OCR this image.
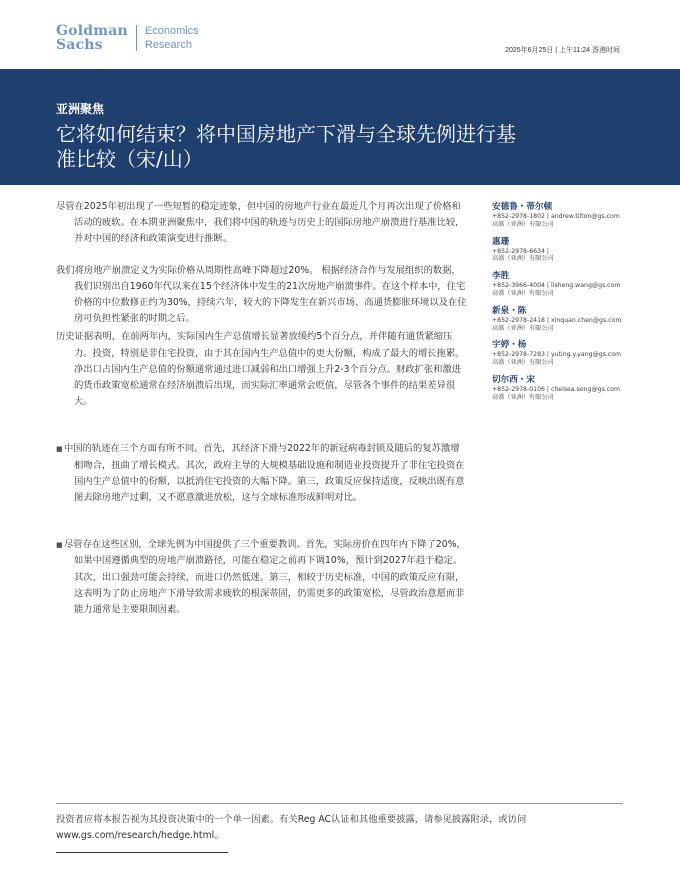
Goldman
Sachs
Economics
Research	2025年6月25日 | 上午11:24 香港时间
亚洲聚焦
它将如何结束？将中国房地产下滑与全球先例进行基准比较（宋/山）

尽管在2025年初出现了一些短暂的稳定迹象，但中国的房地产行业在最近几个月再次出现了价格和活动的疲软。在本期亚洲聚焦中，我们将中国的轨迹与历史上的国际房地产崩溃进行基准比较，并对中国的经济和政策演变进行推断。

我们将房地产崩溃定义为实际价格从周期性高峰下降超过20%。 根据经济合作与发展组织的数据，我们识别出自1960年代以来在15个经济体中发生的21次房地产崩溃事件。在这个样本中，住宅价格的中位数修正约为30%，持续六年，较大的下降发生在新兴市场、高通货膨胀环境以及在住房可负担性紧张的时期之后。

历史证据表明，在前两年内，实际国内生产总值增长显著放缓约5个百分点，并伴随有通货紧缩压力。投资，特别是非住宅投资，由于其在国内生产总值中的更大份额，构成了最大的增长拖累。净出口占国内生产总值的份额通常通过进口减弱和出口增强上升2-3个百分点。财政扩张和激进的货币政策宽松通常在经济崩溃后出现，而实际汇率通常会贬值，尽管各个事件的结果差异很大。

■ 中国的轨迹在三个方面有所不同。首先，其经济下滑与2022年的新冠病毒封锁及随后的复苏激增相吻合，扭曲了增长模式。其次，政府主导的大规模基础设施和制造业投资提升了非住宅投资在国内生产总值中的份额，以抵消住宅投资的大幅下降。第三，政策反应保持适度，反映出既有意图去除房地产过剩，又不愿意激进放松，这与全球标准形成鲜明对比。
■ 尽管存在这些区别，全球先例为中国提供了三个重要教训。首先，实际房价在四年内下降了20%，如果中国遵循典型的房地产崩溃路径，可能在稳定之前再下调10%，预计到2027年趋于稳定。其次，出口强劲可能会持续，而进口仍然低迷。第三，相较于历史标准，中国的政策反应有限，这表明为了防止房地产下滑导致需求疲软的根深蒂固，仍需更多的政策宽松，尽管政治意愿而非能力通常是主要限制因素。
安德鲁・蒂尔顿
+852-2978-1802 | andrew.tilton@gs.com
高盛（亚洲）有限公司
惠珊
+852-2978-6634 |
高盛（亚洲）有限公司
李胜
+852-3966-4004 | lisheng.wang@gs.com
高盛（亚洲）有限公司
新泉・陈
+852-2978-2418 | xinquan.chen@gs.com
高盛（亚洲）有限公司
宇婷・杨
+852-2978-7283 | yuting.y.yang@gs.com
高盛（亚洲）有限公司
切尔西・宋
+852-2978-0106 | chelsea.song@gs.com
高盛（亚洲）有限公司
投资者应将本报告视为其投资决策中的一个单一因素。有关Reg AC认证和其他重要披露，请参见披露附录，或访问www.gs.com/research/hedge.html。
